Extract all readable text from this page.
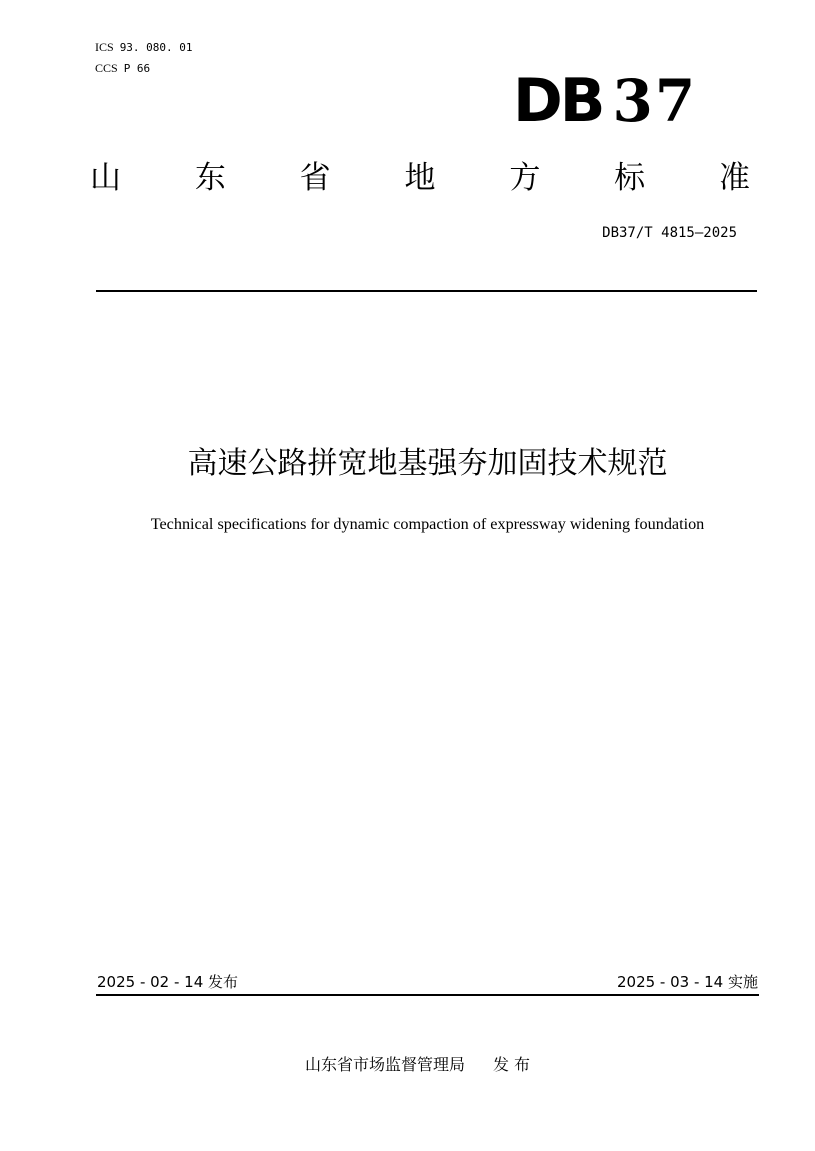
ICS 93. 080. 01
CCS P 66	DB 37
山 东 省 地 方 标 准
DB37/T 4815—2025
高速公路拼宽地基强夯加固技术规范
Technical specifications for dynamic compaction of expressway widening foundation
2025 - 02 - 14 发布	2025 - 03 - 14 实施
山东省市场监督管理局 发 布
